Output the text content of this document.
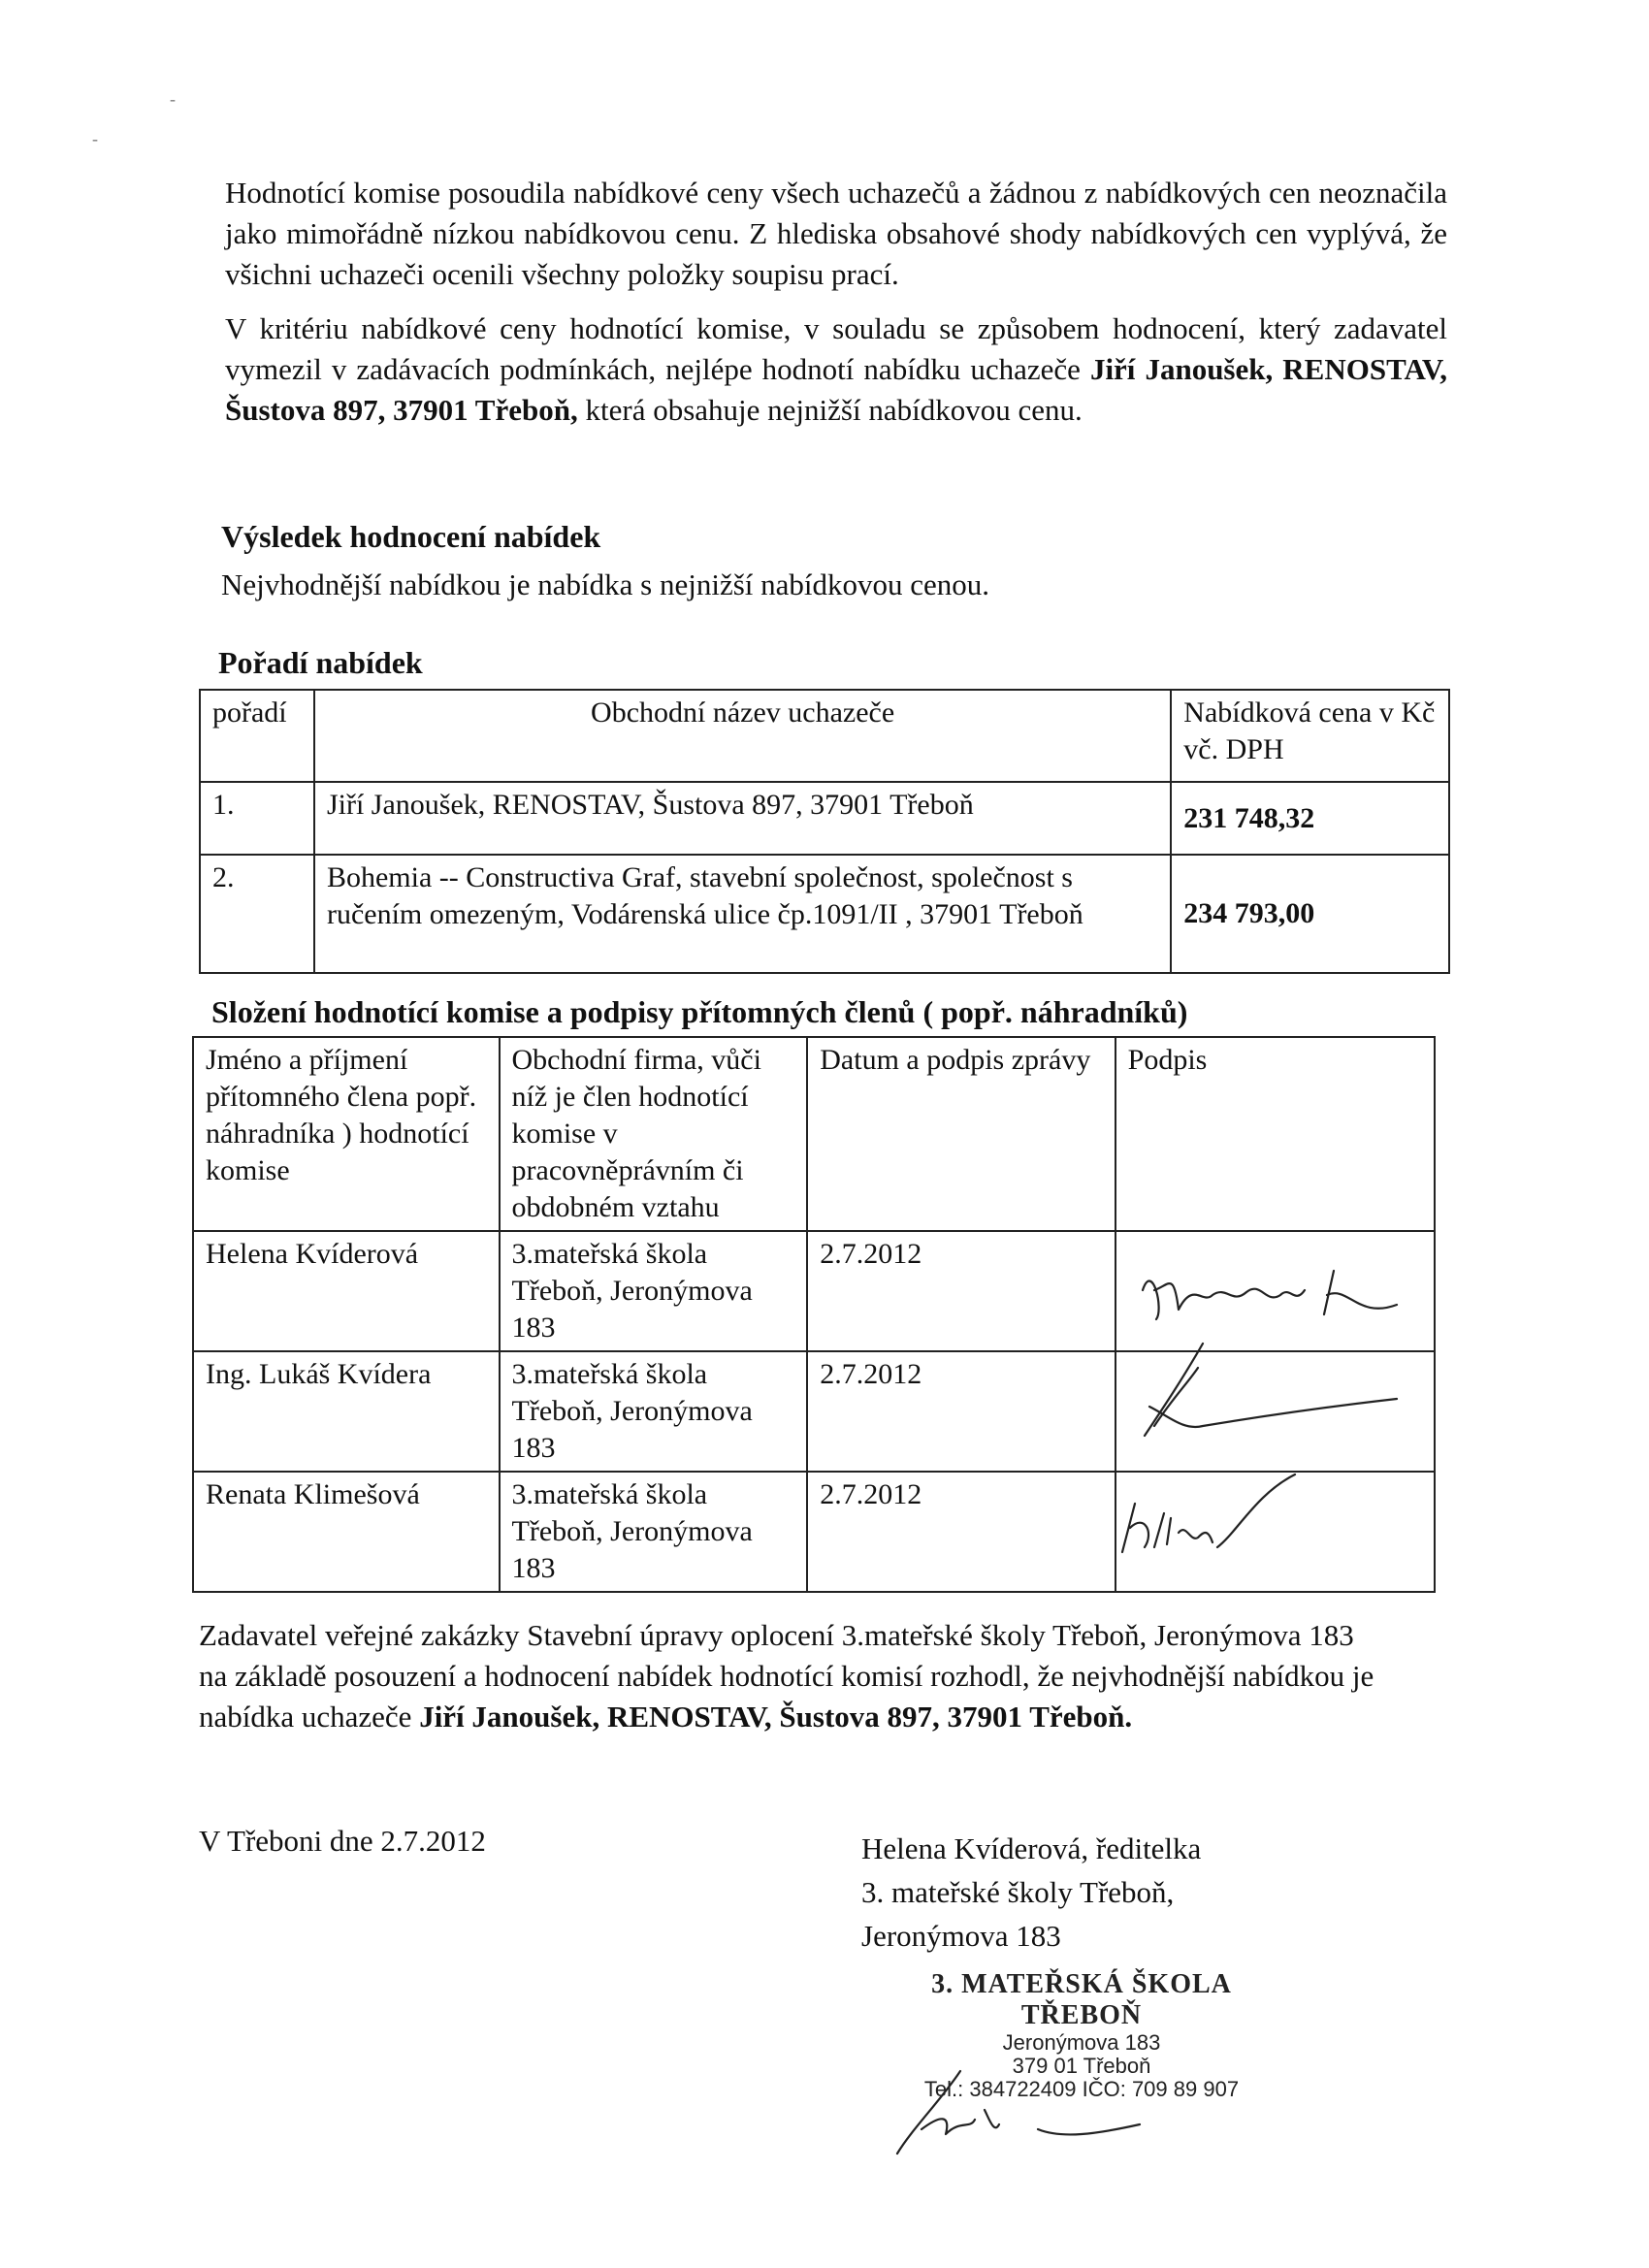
-
-
Hodnotící komise posoudila nabídkové ceny všech uchazečů a žádnou z nabídkových cen neoznačila jako mimořádně nízkou nabídkovou cenu. Z hlediska obsahové shody nabídkových cen vyplývá, že všichni uchazeči ocenili všechny položky soupisu prací.
V kritériu nabídkové ceny hodnotící komise, v souladu se způsobem hodnocení, který zadavatel vymezil v zadávacích podmínkách, nejlépe hodnotí nabídku uchazeče Jiří Janoušek, RENOSTAV, Šustova 897, 37901 Třeboň, která obsahuje nejnižší nabídkovou cenu.
Výsledek hodnocení nabídek
Nejvhodnější nabídkou je nabídka s nejnižší nabídkovou cenou.
Pořadí nabídek
pořadí	Obchodní název uchazeče	Nabídková cena v Kč vč. DPH
1.	Jiří Janoušek, RENOSTAV, Šustova 897, 37901 Třeboň	231 748,32
2.	Bohemia -- Constructiva Graf, stavební společnost, společnost s ručením omezeným, Vodárenská ulice čp.1091/II , 37901 Třeboň	234 793,00
Složení hodnotící komise a podpisy přítomných členů ( popř. náhradníků)
Jméno a příjmení přítomného člena popř. náhradníka ) hodnotící komise	Obchodní firma, vůči níž je člen hodnotící komise v pracovněprávním či obdobném vztahu	Datum a podpis zprávy	Podpis
Helena Kvíderová	3.mateřská škola Třeboň, Jeronýmova 183	2.7.2012	
Ing. Lukáš Kvídera	3.mateřská škola Třeboň, Jeronýmova 183	2.7.2012	
Renata Klimešová	3.mateřská škola Třeboň, Jeronýmova 183	2.7.2012	
Zadavatel veřejné zakázky Stavební úpravy oplocení 3.mateřské školy Třeboň, Jeronýmova 183 na základě posouzení a hodnocení nabídek hodnotící komisí rozhodl, že nejvhodnější nabídkou je nabídka uchazeče Jiří Janoušek, RENOSTAV, Šustova 897, 37901 Třeboň.
V Třeboni dne 2.7.2012	Helena Kvíderová, ředitelka
3. mateřské školy Třeboň,
Jeronýmova 183
3. MATEŘSKÁ ŠKOLA TŘEBOŇ
Jeronýmova 183
379 01 Třeboň
Tel.: 384722409 IČO: 709 89 907
